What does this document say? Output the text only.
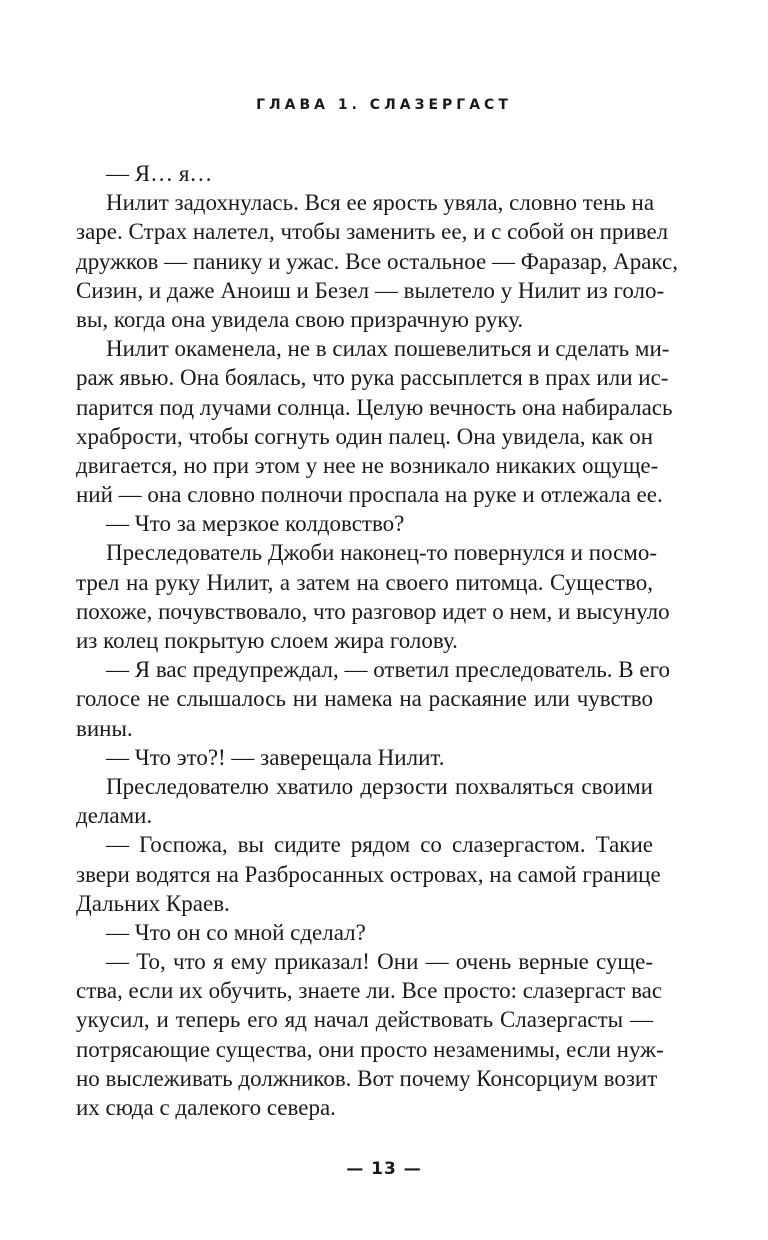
ГЛАВА 1. СЛАЗЕРГАСТ
— Я… я…
Нилит задохнулась. Вся ее ярость увяла, словно тень на
заре. Страх налетел, чтобы заменить ее, и с собой он привел
дружков — панику и ужас. Все остальное — Фаразар, Аракс,
Сизин, и даже Аноиш и Безел — вылетело у Нилит из голо-
вы, когда она увидела свою призрачную руку.
Нилит окаменела, не в силах пошевелиться и сделать ми-
раж явью. Она боялась, что рука рассыплется в прах или ис-
парится под лучами солнца. Целую вечность она набиралась
храбрости, чтобы согнуть один палец. Она увидела, как он
двигается, но при этом у нее не возникало никаких ощуще-
ний — она словно полночи проспала на руке и отлежала ее.
— Что за мерзкое колдовство?
Преследователь Джоби наконец-то повернулся и посмо-
трел на руку Нилит, а затем на своего питомца. Существо,
похоже, почувствовало, что разговор идет о нем, и высунуло
из колец покрытую слоем жира голову.
— Я вас предупреждал, — ответил преследователь. В его
голосе не слышалось ни намека на раскаяние или чувство
вины.
— Что это?! — заверещала Нилит.
Преследователю хватило дерзости похваляться своими
делами.
— Госпожа, вы сидите рядом со слазергастом. Такие
звери водятся на Разбросанных островах, на самой границе
Дальних Краев.
— Что он со мной сделал?
— То, что я ему приказал! Они — очень верные суще-
ства, если их обучить, знаете ли. Все просто: слазергаст вас
укусил, и теперь его яд начал действовать Слазергасты —
потрясающие существа, они просто незаменимы, если нуж-
но выслеживать должников. Вот почему Консорциум возит
их сюда с далекого севера.
— 13 —
